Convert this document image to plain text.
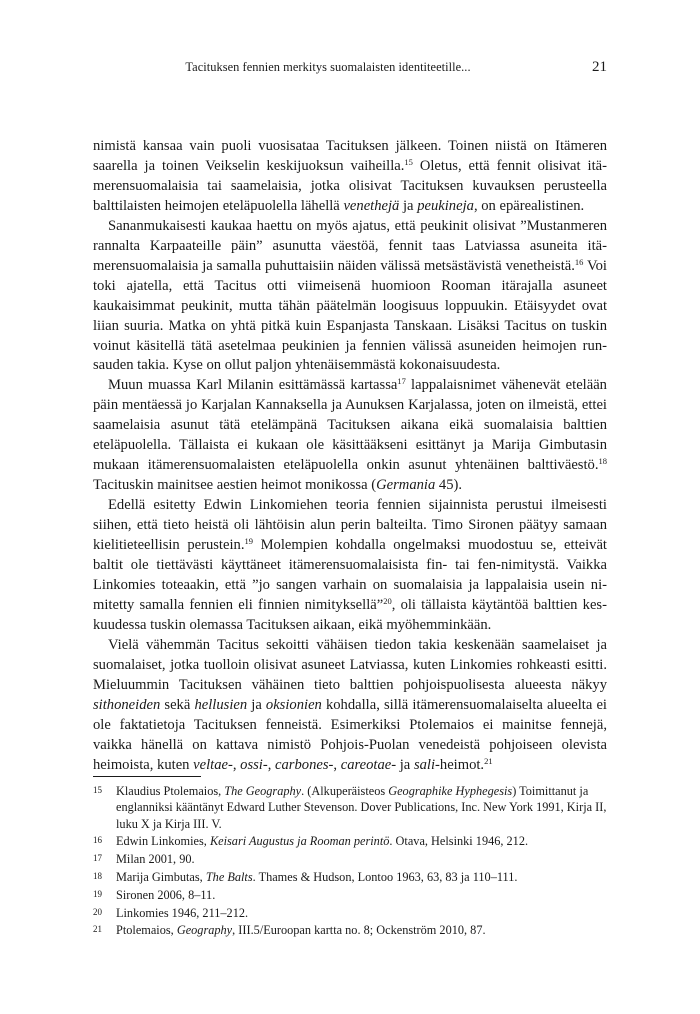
Tacituksen fennien merkitys suomalaisten identiteetille...	21

nimistä kansaa vain puoli vuosisataa Tacituksen jälkeen. Toinen niistä on Itämeren saarella ja toinen Veikselin keskijuoksun vaiheilla.$^{15}$ Oletus, että fennit olisivat itämerensuomalaisia tai saamelaisia, jotka olisivat Tacituksen kuvauksen perusteella balttilaisten heimojen eteläpuolella lähellä venethejä ja peukineja, on epärealistinen.

Sananmukaisesti kaukaa haettu on myös ajatus, että peukinit olisivat ”Mustanmeren rannalta Karpaateille päin” asunutta väestöä, fennit taas Latviassa asuneita itämerensuomalaisia ja samalla puhuttaisiin näiden välissä metsästävistä venetheistä.$^{16}$ Voi toki ajatella, että Tacitus otti viimeisenä huomioon Rooman itärajalla asuneet kaukaisimmat peukinit, mutta tähän päätelmän loogisuus loppuukin. Etäisyydet ovat liian suuria. Matka on yhtä pitkä kuin Espanjasta Tanskaan. Lisäksi Tacitus on tuskin voinut käsitellä tätä asetelmaa peukinien ja fennien välissä asuneiden heimojen runsauden takia. Kyse on ollut paljon yhtenäisemmästä kokonaisuudesta.

Muun muassa Karl Milanin esittämässä kartassa$^{17}$ lappalaisnimet vähenevät etelään päin mentäessä jo Karjalan Kannaksella ja Aunuksen Karjalassa, joten on ilmeistä, ettei saamelaisia asunut tätä etelämpänä Tacituksen aikana eikä suomalaisia balttien eteläpuolella. Tällaista ei kukaan ole käsittääkseni esittänyt ja Marija Gimbutasin mukaan itämerensuomalaisten eteläpuolella onkin asunut yhtenäinen balttiväestö.$^{18}$ Tacituskin mainitsee aestien heimot monikossa (Germania 45).

Edellä esitetty Edwin Linkomiehen teoria fennien sijainnista perustui ilmeisesti siihen, että tieto heistä oli lähtöisin alun perin balteilta. Timo Sironen päätyy samaan kielitieteellisin perustein.$^{19}$ Molempien kohdalla ongelmaksi muodostuu se, etteivät baltit ole tiettävästi käyttäneet itämerensuomalaisista fin- tai fen-nimitystä. Vaikka Linkomies toteaakin, että ”jo sangen varhain on suomalaisia ja lappalaisia usein nimitetty samalla fennien eli finnien nimityksellä”$^{20}$, oli tällaista käytäntöä balttien keskuudessa tuskin olemassa Tacituksen aikaan, eikä myöhemminkään.

Vielä vähemmän Tacitus sekoitti vähäisen tiedon takia keskenään saamelaiset ja suomalaiset, jotka tuolloin olisivat asuneet Latviassa, kuten Linkomies rohkeasti esitti. Mieluummin Tacituksen vähäinen tieto balttien pohjoispuolisesta alueesta näkyy sithoneiden sekä hellusien ja oksionien kohdalla, sillä itämerensuomalaiselta alueelta ei ole faktatietoja Tacituksen fenneistä. Esimerkiksi Ptolemaios ei mainitse fennejä, vaikka hänellä on kattava nimistö Pohjois-Puolan venedeistä pohjoiseen olevista heimoista, kuten veltae-, ossi-, carbones-, careotae- ja sali-heimot.$^{21}$

15	Klaudius Ptolemaios, The Geography. (Alkuperäisteos Geographike Hyphegesis) Toimittanut ja englanniksi kääntänyt Edward Luther Stevenson. Dover Publications, Inc. New York 1991, Kirja II, luku X ja Kirja III. V.
16	Edwin Linkomies, Keisari Augustus ja Rooman perintö. Otava, Helsinki 1946, 212.
17	Milan 2001, 90.
18	Marija Gimbutas, The Balts. Thames & Hudson, Lontoo 1963, 63, 83 ja 110–111.
19	Sironen 2006, 8–11.
20	Linkomies 1946, 211–212.
21	Ptolemaios, Geography, III.5/Euroopan kartta no. 8; Ockenström 2010, 87.
